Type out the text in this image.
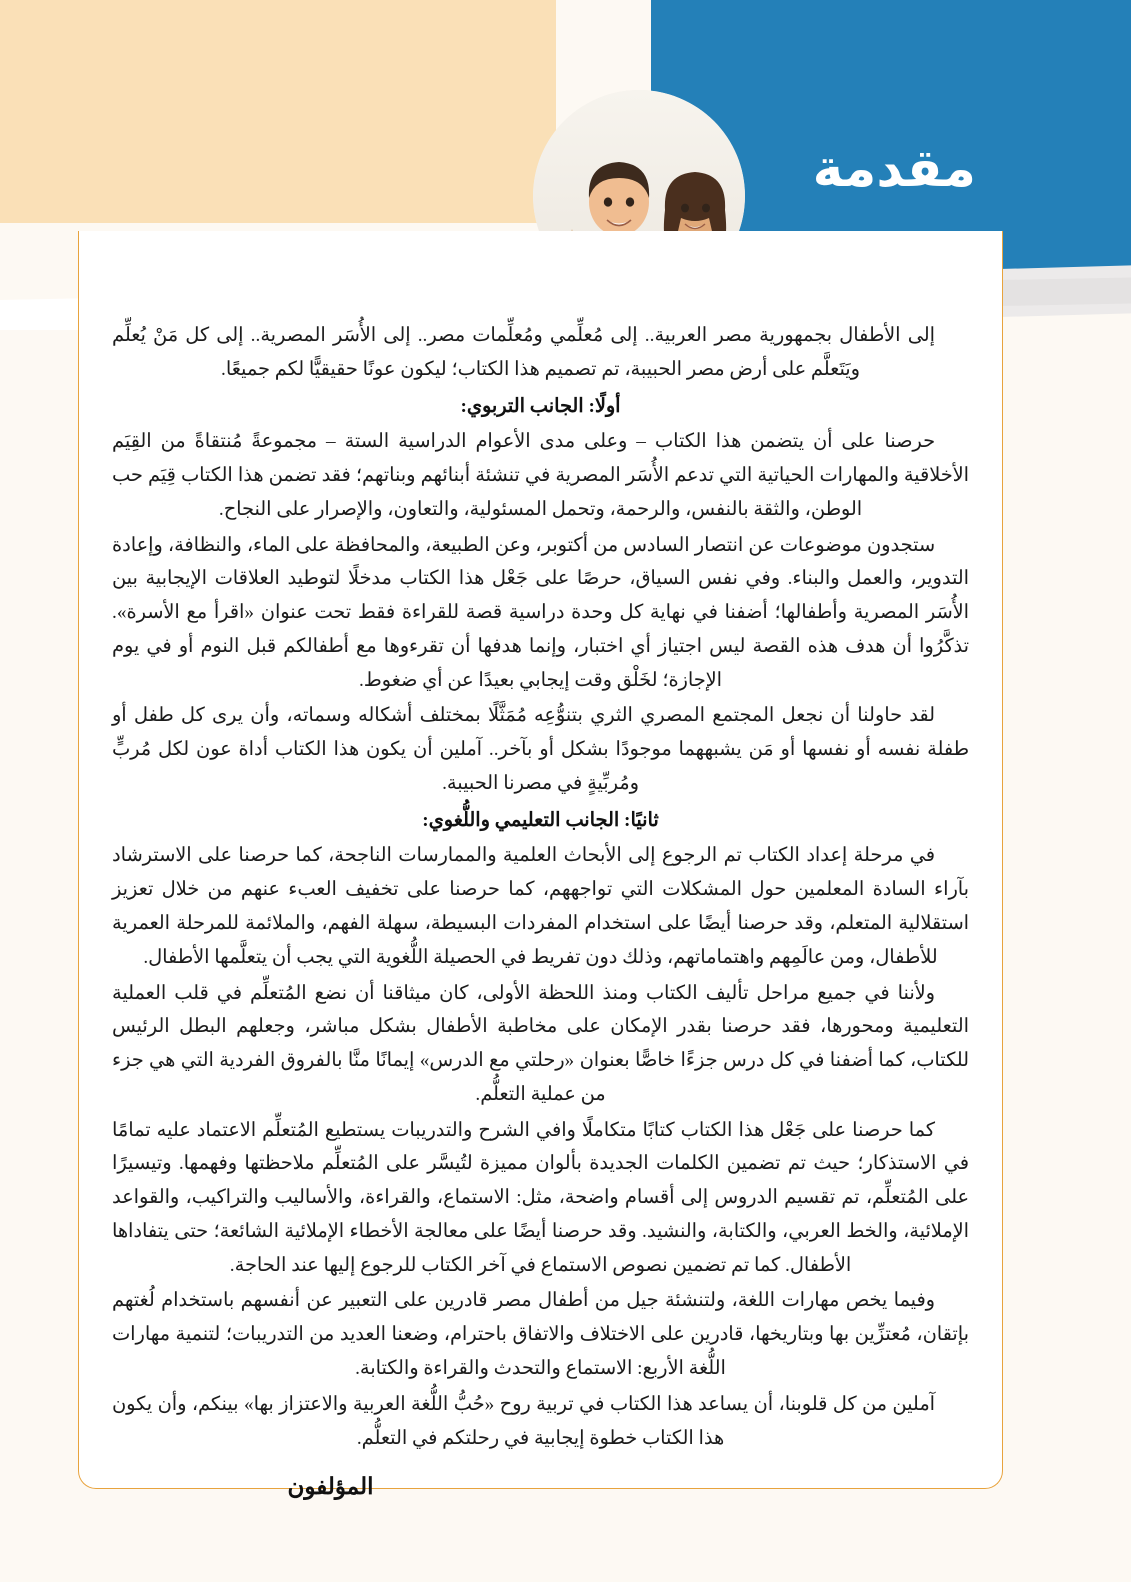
مقدمة

إلى الأطفال بجمهورية مصر العربية.. إلى مُعلِّمي ومُعلِّمات مصر.. إلى الأُسَر المصرية.. إلى كل مَنْ يُعلِّم ويَتَعلَّم على أرض مصر الحبيبة، تم تصميم هذا الكتاب؛ ليكون عونًا حقيقيًّا لكم جميعًا.

أولًا: الجانب التربوي:

حرصنا على أن يتضمن هذا الكتاب – وعلى مدى الأعوام الدراسية الستة – مجموعةً مُنتقاةً من القِيَم الأخلاقية والمهارات الحياتية التي تدعم الأُسَر المصرية في تنشئة أبنائهم وبناتهم؛ فقد تضمن هذا الكتاب قِيَم حب الوطن، والثقة بالنفس، والرحمة، وتحمل المسئولية، والتعاون، والإصرار على النجاح.

ستجدون موضوعات عن انتصار السادس من أكتوبر، وعن الطبيعة، والمحافظة على الماء، والنظافة، وإعادة التدوير، والعمل والبناء. وفي نفس السياق، حرصًا على جَعْل هذا الكتاب مدخلًا لتوطيد العلاقات الإيجابية بين الأُسَر المصرية وأطفالها؛ أضفنا في نهاية كل وحدة دراسية قصة للقراءة فقط تحت عنوان «اقرأ مع الأسرة». تذكَّرُوا أن هدف هذه القصة ليس اجتياز أي اختبار، وإنما هدفها أن تقرءوها مع أطفالكم قبل النوم أو في يوم الإجازة؛ لخَلْق وقت إيجابي بعيدًا عن أي ضغوط.

لقد حاولنا أن نجعل المجتمع المصري الثري بتنوُّعِه مُمَثَّلًا بمختلف أشكاله وسماته، وأن يرى كل طفل أو طفلة نفسه أو نفسها أو مَن يشبههما موجودًا بشكل أو بآخر.. آملين أن يكون هذا الكتاب أداة عون لكل مُربٍّ ومُربِّيةٍ في مصرنا الحبيبة.

ثانيًا: الجانب التعليمي واللُّغوي:

في مرحلة إعداد الكتاب تم الرجوع إلى الأبحاث العلمية والممارسات الناجحة، كما حرصنا على الاسترشاد بآراء السادة المعلمين حول المشكلات التي تواجههم، كما حرصنا على تخفيف العبء عنهم من خلال تعزيز استقلالية المتعلم، وقد حرصنا أيضًا على استخدام المفردات البسيطة، سهلة الفهم، والملائمة للمرحلة العمرية للأطفال، ومن عالَمِهم واهتماماتهم، وذلك دون تفريط في الحصيلة اللُّغوية التي يجب أن يتعلَّمها الأطفال.

ولأننا في جميع مراحل تأليف الكتاب ومنذ اللحظة الأولى، كان ميثاقنا أن نضع المُتعلِّم في قلب العملية التعليمية ومحورها، فقد حرصنا بقدر الإمكان على مخاطبة الأطفال بشكل مباشر، وجعلهم البطل الرئيس للكتاب، كما أضفنا في كل درس جزءًا خاصًّا بعنوان «رحلتي مع الدرس» إيمانًا منَّا بالفروق الفردية التي هي جزء من عملية التعلُّم.

كما حرصنا على جَعْل هذا الكتاب كتابًا متكاملًا وافي الشرح والتدريبات يستطيع المُتعلِّم الاعتماد عليه تمامًا في الاستذكار؛ حيث تم تضمين الكلمات الجديدة بألوان مميزة لتُيسَّر على المُتعلِّم ملاحظتها وفهمها. وتيسيرًا على المُتعلِّم، تم تقسيم الدروس إلى أقسام واضحة، مثل: الاستماع، والقراءة، والأساليب والتراكيب، والقواعد الإملائية، والخط العربي، والكتابة، والنشيد. وقد حرصنا أيضًا على معالجة الأخطاء الإملائية الشائعة؛ حتى يتفاداها الأطفال. كما تم تضمين نصوص الاستماع في آخر الكتاب للرجوع إليها عند الحاجة.

وفيما يخص مهارات اللغة، ولتنشئة جيل من أطفال مصر قادرين على التعبير عن أنفسهم باستخدام لُغتهم بإتقان، مُعتزِّين بها وبتاريخها، قادرين على الاختلاف والاتفاق باحترام، وضعنا العديد من التدريبات؛ لتنمية مهارات اللُّغة الأربع: الاستماع والتحدث والقراءة والكتابة.

آملين من كل قلوبنا، أن يساعد هذا الكتاب في تربية روح «حُبُّ اللُّغة العربية والاعتزاز بها» بينكم، وأن يكون هذا الكتاب خطوة إيجابية في رحلتكم في التعلُّم.

المؤلفون
